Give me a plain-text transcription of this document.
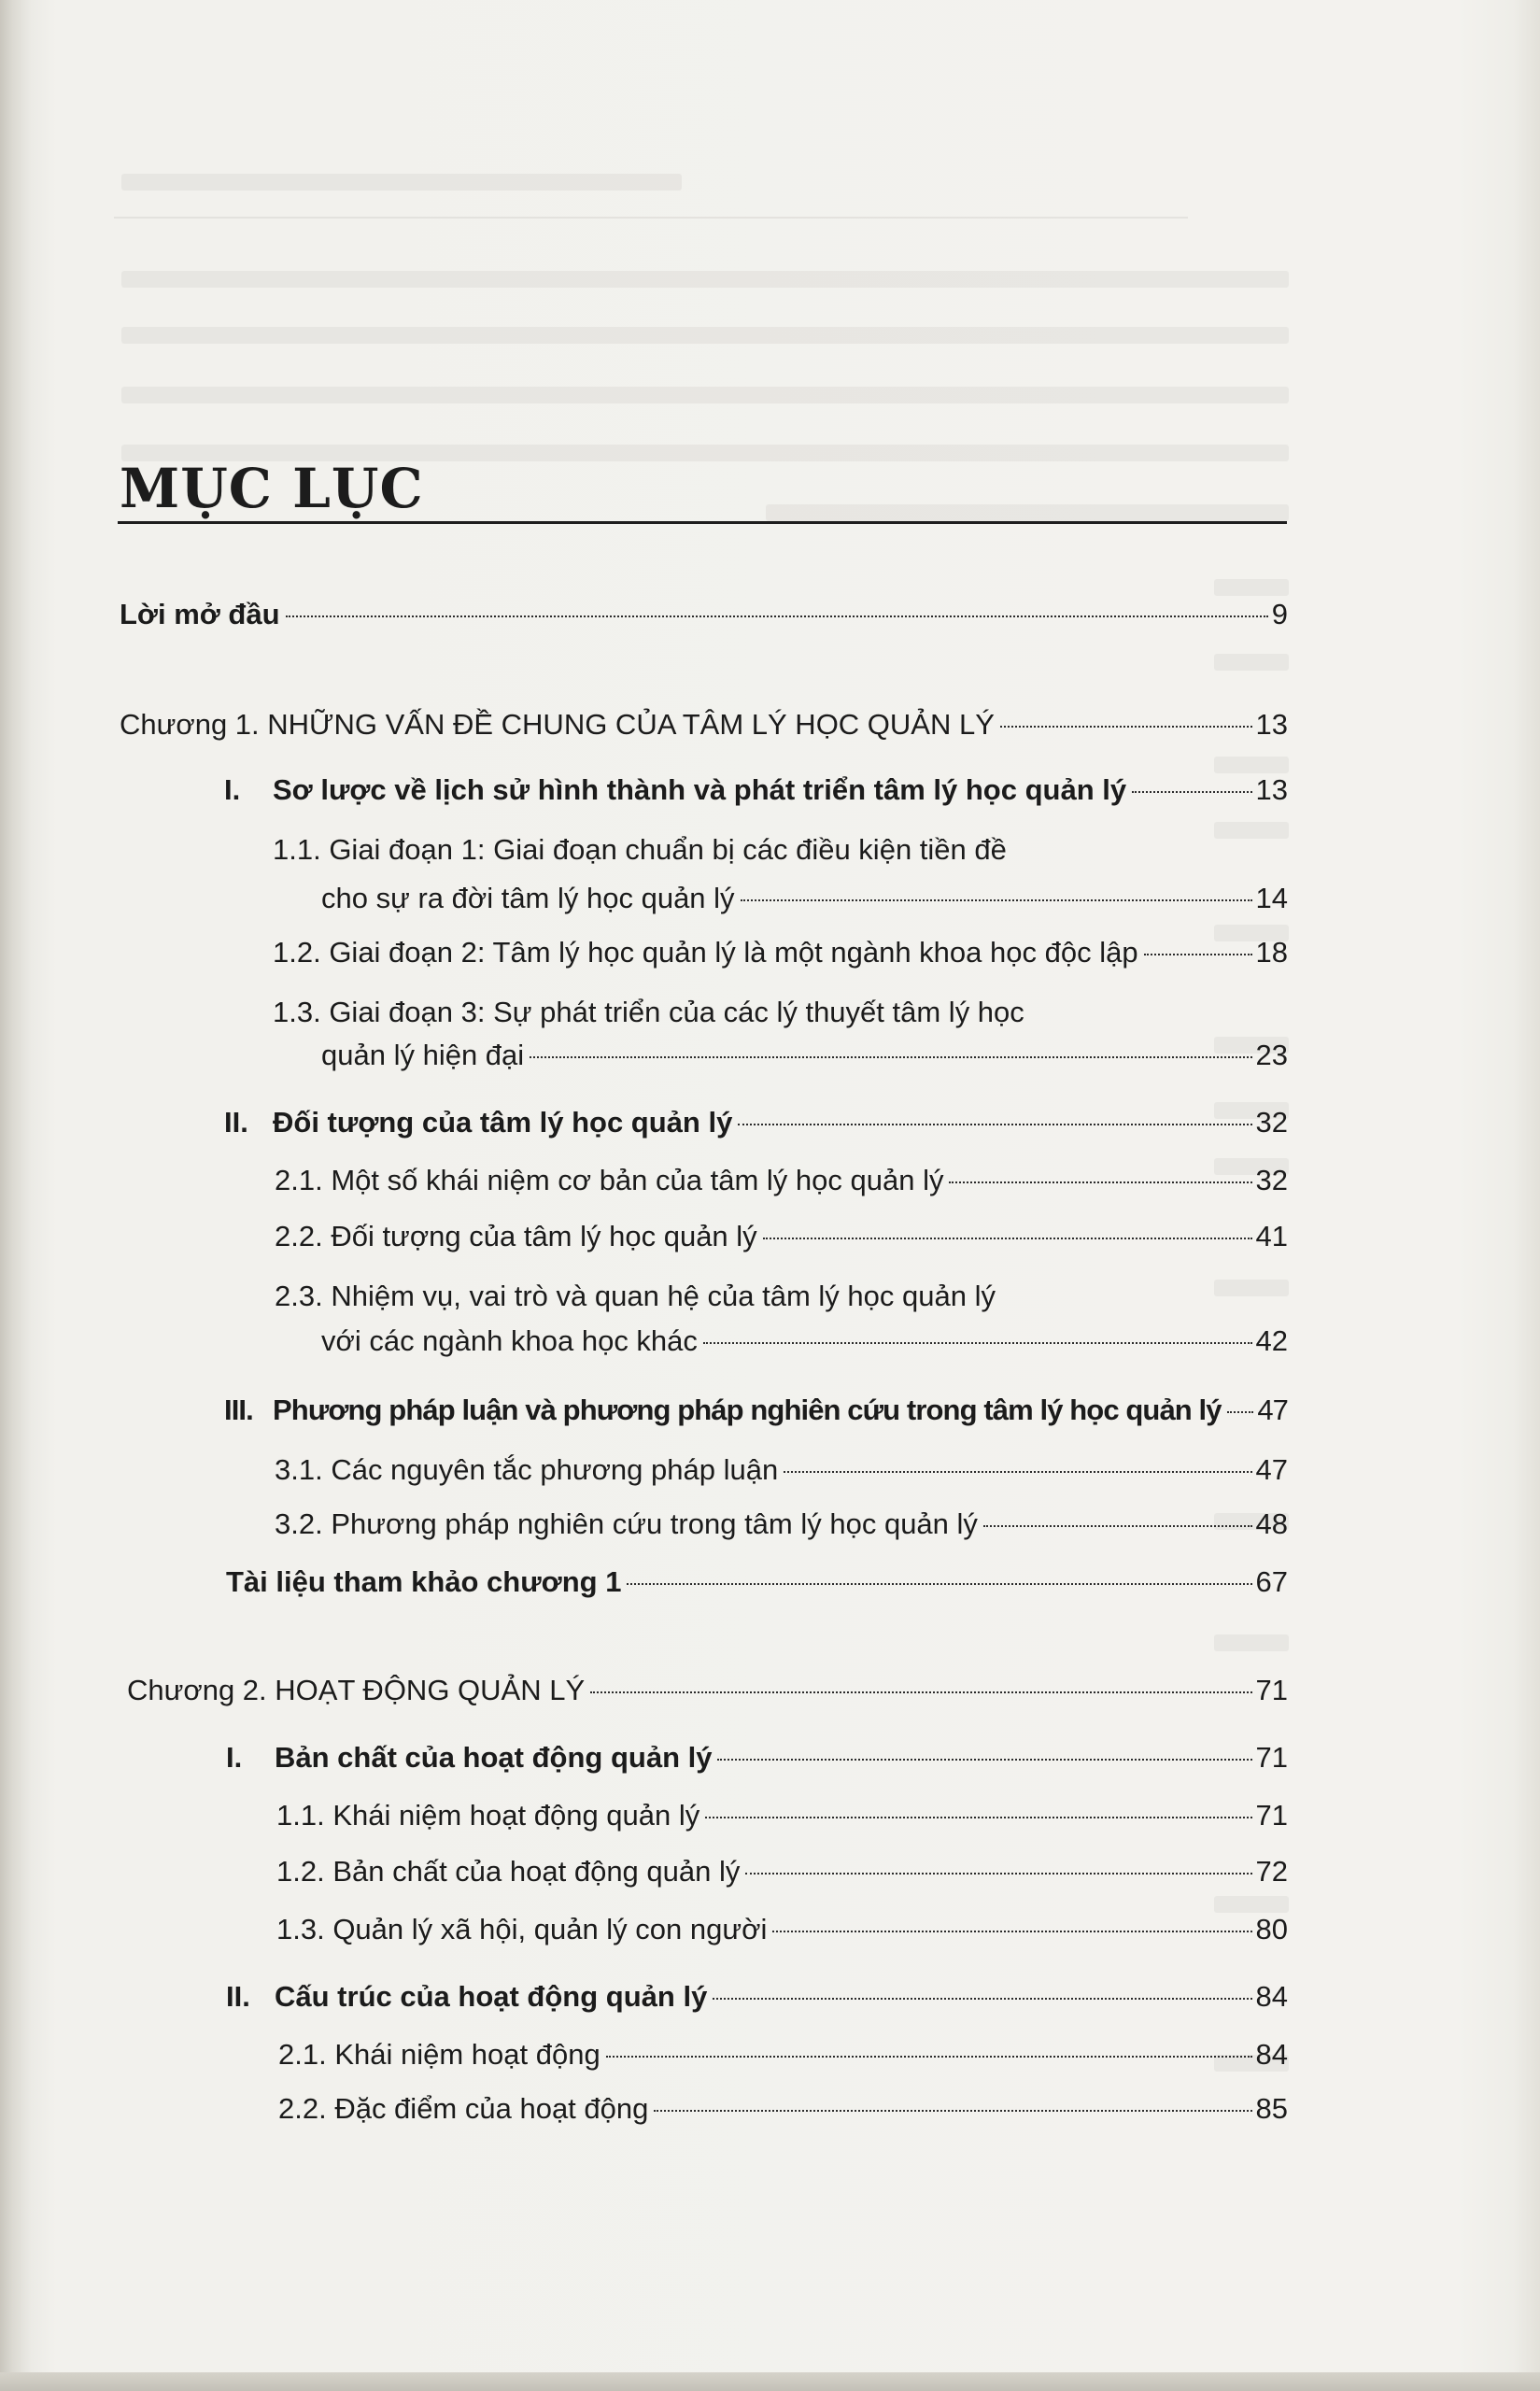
MỤC LỤC
Lời mở đầu	9
Chương 1. NHỮNG VẤN ĐỀ CHUNG CỦA TÂM LÝ HỌC QUẢN LÝ	13
I.	Sơ lược về lịch sử hình thành và phát triển tâm lý học quản lý	13
1.1. Giai đoạn 1: Giai đoạn chuẩn bị các điều kiện tiền đề
cho sự ra đời tâm lý học quản lý	14
1.2. Giai đoạn 2: Tâm lý học quản lý là một ngành khoa học độc lập	18
1.3. Giai đoạn 3: Sự phát triển của các lý thuyết tâm lý học
quản lý hiện đại	23
II. Đối tượng của tâm lý học quản lý	32
2.1. Một số khái niệm cơ bản của tâm lý học quản lý	32
2.2. Đối tượng của tâm lý học quản lý	41
2.3. Nhiệm vụ, vai trò và quan hệ của tâm lý học quản lý
với các ngành khoa học khác	42
III. Phương pháp luận và phương pháp nghiên cứu trong tâm lý học quản lý 47
3.1. Các nguyên tắc phương pháp luận	47
3.2. Phương pháp nghiên cứu trong tâm lý học quản lý	48
Tài liệu tham khảo chương 1	67
Chương 2. HOẠT ĐỘNG QUẢN LÝ	71
I.	Bản chất của hoạt động quản lý	71
1.1. Khái niệm hoạt động quản lý	71
1.2. Bản chất của hoạt động quản lý	72
1.3. Quản lý xã hội, quản lý con người	80
II. Cấu trúc của hoạt động quản lý	84
2.1. Khái niệm hoạt động	84
2.2. Đặc điểm của hoạt động	85
